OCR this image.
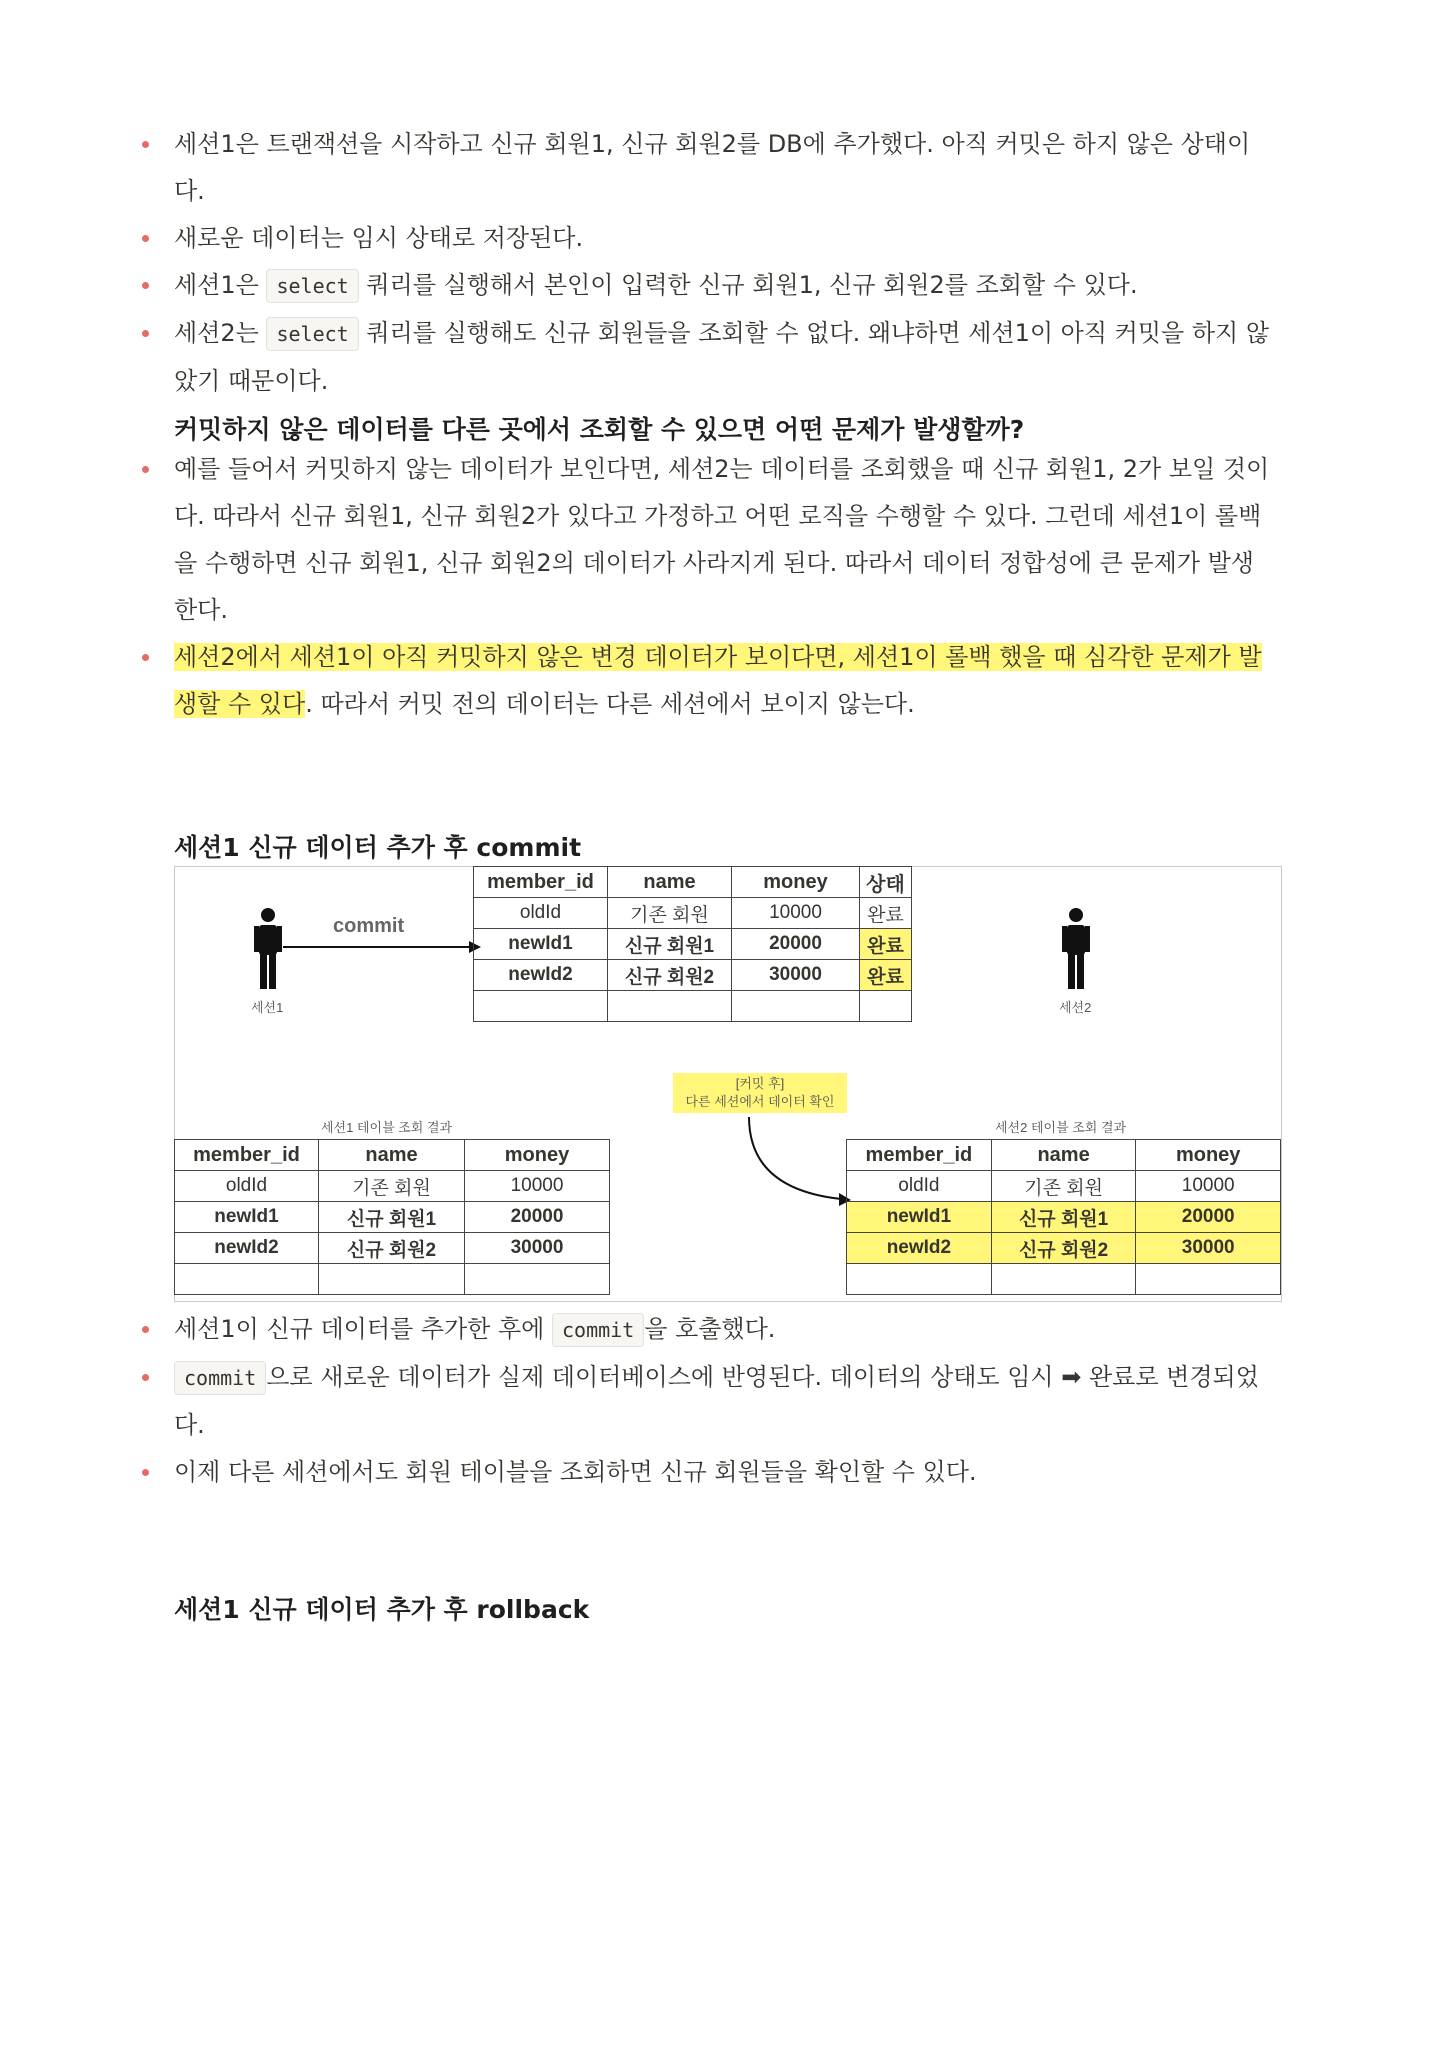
세션1은 트랜잭션을 시작하고 신규 회원1, 신규 회원2를 DB에 추가했다. 아직 커밋은 하지 않은 상태이다.
새로운 데이터는 임시 상태로 저장된다.
세션1은 select 쿼리를 실행해서 본인이 입력한 신규 회원1, 신규 회원2를 조회할 수 있다.
세션2는 select 쿼리를 실행해도 신규 회원들을 조회할 수 없다. 왜냐하면 세션1이 아직 커밋을 하지 않았기 때문이다.
커밋하지 않은 데이터를 다른 곳에서 조회할 수 있으면 어떤 문제가 발생할까?
예를 들어서 커밋하지 않는 데이터가 보인다면, 세션2는 데이터를 조회했을 때 신규 회원1, 2가 보일 것이다. 따라서 신규 회원1, 신규 회원2가 있다고 가정하고 어떤 로직을 수행할 수 있다. 그런데 세션1이 롤백을 수행하면 신규 회원1, 신규 회원2의 데이터가 사라지게 된다. 따라서 데이터 정합성에 큰 문제가 발생한다.
세션2에서 세션1이 아직 커밋하지 않은 변경 데이터가 보이다면, 세션1이 롤백 했을 때 심각한 문제가 발생할 수 있다. 따라서 커밋 전의 데이터는 다른 세션에서 보이지 않는다.
세션1 신규 데이터 추가 후 commit
세션1
commit
member_id	name	money	상태
oldId	기존 회원	10000	완료
newId1	신규 회원1	20000	완료
newId2	신규 회원2	30000	완료

세션2
[커밋 후]
다른 세션에서 데이터 확인
세션1 테이블 조회 결과	세션2 테이블 조회 결과
member_id	name	money
oldId	기존 회원	10000
newId1	신규 회원1	20000
newId2	신규 회원2	30000

member_id	name	money
oldId	기존 회원	10000
newId1	신규 회원1	20000
newId2	신규 회원2	30000

세션1이 신규 데이터를 추가한 후에 commit 을 호출했다.
commit 으로 새로운 데이터가 실제 데이터베이스에 반영된다. 데이터의 상태도 임시 ➡ 완료로 변경되었다.
이제 다른 세션에서도 회원 테이블을 조회하면 신규 회원들을 확인할 수 있다.
세션1 신규 데이터 추가 후 rollback
